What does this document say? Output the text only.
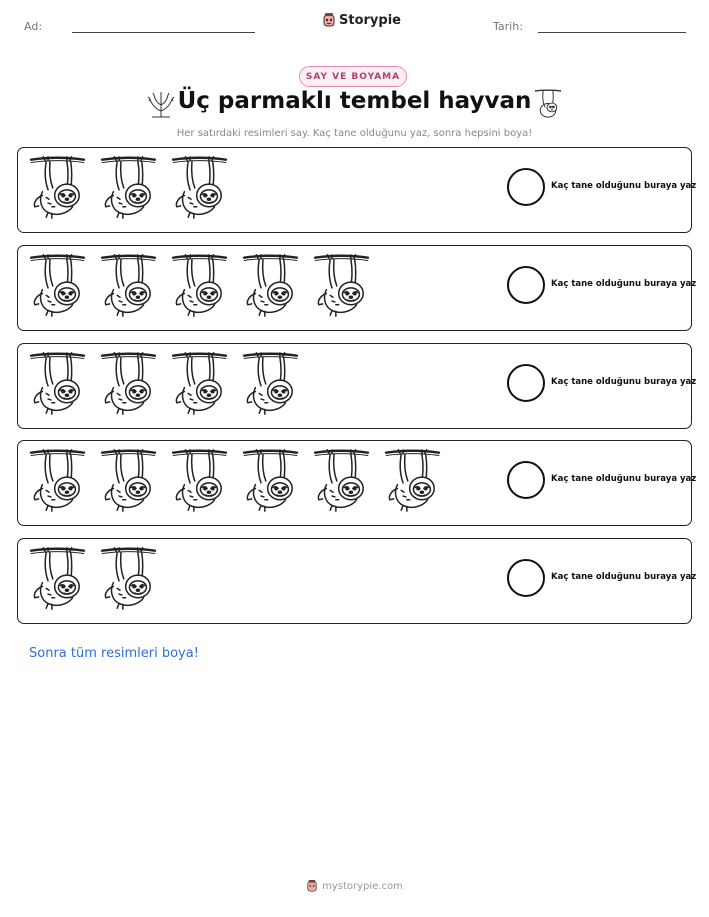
Ad:	Storypie	Tarih:
SAY VE BOYAMA
Üç parmaklı tembel hayvan
Her satırdaki resimleri say. Kaç tane olduğunu yaz, sonra hepsini boya!
Kaç tane olduğunu buraya yaz
Kaç tane olduğunu buraya yaz
Kaç tane olduğunu buraya yaz
Kaç tane olduğunu buraya yaz
Kaç tane olduğunu buraya yaz
Sonra tüm resimleri boya!
mystorypie.com
